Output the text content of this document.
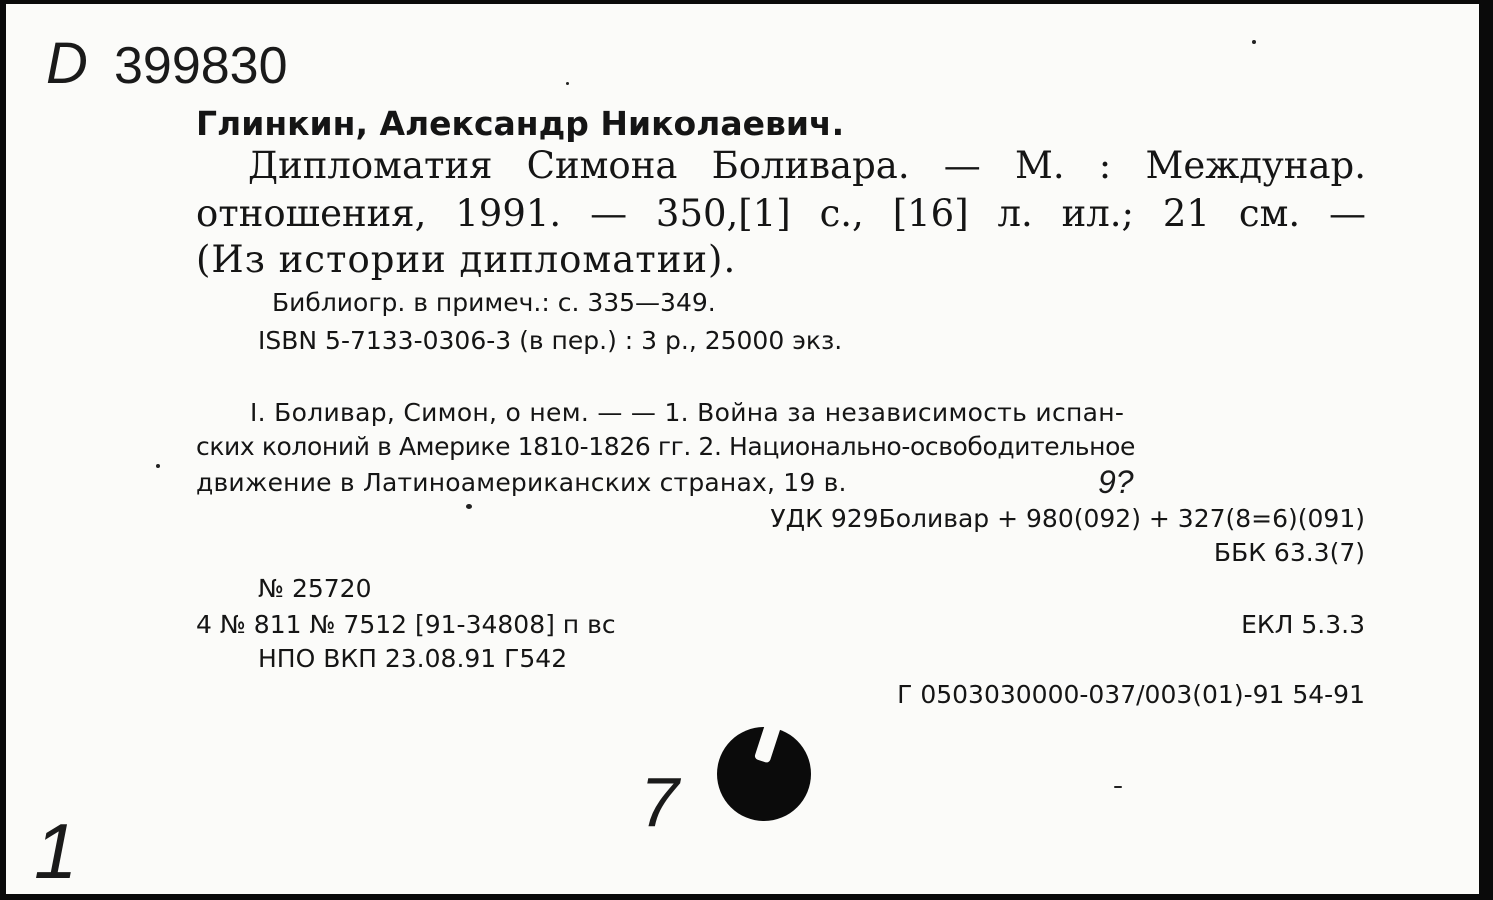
D 399830
Глинкин, Александр Николаевич.
Дипломатия Симона Боливара. — М. : Междунар.
отношения, 1991. — 350,[1] с., [16] л. ил.; 21 см. —
(Из истории дипломатии).
Библиогр. в примеч.: с. 335—349.
ISBN 5-7133-0306-3 (в пер.) : 3 р., 25000 экз.
I. Боливар, Симон, о нем. — — 1. Война за независимость испан-
ских колоний в Америке 1810-1826 гг. 2. Национально-освободительное
движение в Латиноамериканских странах, 19 в.	9?
УДК 929Боливар + 980(092) + 327(8=6)(091)
ББК 63.3(7)
№ 25720
4 № 811 № 7512 [91-34808] п вс	ЕКЛ 5.3.3
НПО ВКП 23.08.91 Г542
Г 0503030000-037/003(01)-91 54-91
7
1
